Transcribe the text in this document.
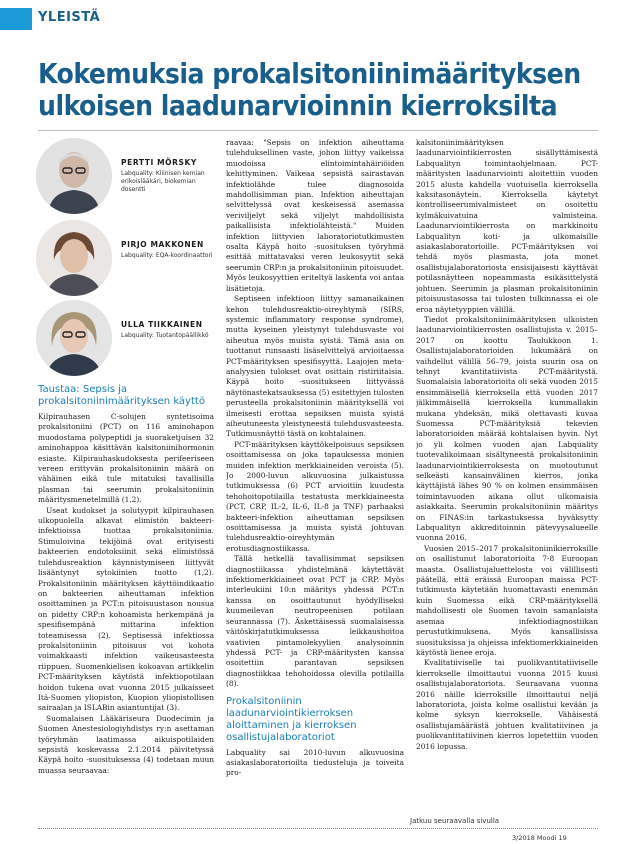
YLEISTÄ
Kokemuksia prokalsitoniinimäärityksen ulkoisen laadunarvioinnin kierroksilta
PERTTI MÖRSKY
Labquality: Kliinisen kemian erikoislääkäri, biokemian dosentti
PIRJO MAKKONEN
Labquality: EQA-koordinaattori
ULLA TIIKKAINEN
Labquality: Tuotantopäällikkö
Taustaa: Sepsis ja prokalsitoniinimäärityksen käyttö

Kilpirauhasen C-solujen syntetisoima prokalsitoniini (PCT) on 116 aminohapon muodostama polypeptidi ja suoraketjuisen 32 aminohappoa käsittävän kalsitoniinihormonin esiaste. Kilpirauhaskudoksesta perifeeriseen vereen erittyvän prokalsitoniinin määrä on vähäinen eikä tule mitatuksi tavallisilla plasman tai seerumin prokalsitoniinin määritysmenetelmillä (1,2).

Useat kudokset ja solutyypit kilpirauhasen ulkopuolella alkavat elimistön bakteeri-infektioissa tuottaa prokalsitoniinia. Stimuloivina tekijöinä ovat erityisesti bakteerien endotoksiinit sekä elimistössä tulehdusreaktion käynnistymiseen liittyvät lisääntynyt sytokiinien tuotto (1,2). Prokalsitoniinin määrityksen käyttöindikaatio on bakteerien aiheuttaman infektion osoittaminen ja PCT:n pitoisuustason nousua on pidetty CRP:n kohoamista herkempänä ja spesifisempänä mittarina infektion toteamisessa (2). Septisessä infektiossa prokalsitoniinin pitoisuus voi kohota voimakkaasti infektion vaikeusasteesta riippuen. Suomenkielisen kokoavan artikkelin PCT-määrityksen käytöstä infektiopotilaan hoidon tukena ovat vuonna 2015 julkaisseet Itä-Suomen yliopiston, Kuopion yliopistollisen sairaalan ja ISLABin asiantuntijat (3).

Suomalaisen Lääkäriseura Duodecimin ja Suomen Anestesiologiyhdistys ry:n asettaman työryhmän laatimassa aikuispotilaiden sepsistä koskevassa 2.1.2014 päivitetyssä Käypä hoito -suosituksessa (4) todetaan muun muassa seuraavaa:

raavaa: "Sepsis on infektion aiheuttama tulehduksellinen vaste, johon liittyy vaikeissa muodoissa elintoimintahäiriöiden kehittyminen. Vaikeaa sepsistä sairastavan infektiolähde tulee diagnosoida mahdollisimman pian. Infektion aiheuttajan selvittelyssä ovat keskeisessä asemassa veriviljelyt sekä viljelyt mahdollisista paikallisista infektiolähteistä." Muiden infektion liittyvien laboratoriotutkimusten osalta Käypä hoito -suosituksen työryhmä esittää mittatavaksi veren leukosyytit sekä seerumin CRP:n ja prokalsitoniinin pitoisuudet. Myös leukosyyttien eriteltyä laskenta voi antaa lisätietoja.

Septiseen infektioon liittyy samanaikainen kehon tulehdusreaktio-oireyhtymä (SIRS, systemic inflammatory response syndrome), mutta kyseinen yleistynyt tulehdusvaste voi aiheutua myös muista syistä. Tämä asia on tuottanut runsaasti lisäselvittelyä arvioitaessa PCT-määrityksen spesifisyyttä. Laajojen meta-analyysien tulokset ovat osittain ristiriitaisia. Käypä hoito -suositukseen liittyvässä näytönastekatsauksessa (5) esitettyjen tulosten perusteella prokalsitoniinin määrityksellä voi ilmeisesti erottaa sepsiksen muista syistä aiheutuneesta yleistyneestä tulehdusvasteesta. Tutkimusnäyttö tästä on kohtalainen.

PCT-määrityksen käyttökelpoisuus sepsiksen osoittamisessa on joka tapauksessa monien muiden infektion merkkiaineiden veroista (5). Jo 2000-luvun alkuvuosina julkaistussa tutkimuksessa (6) PCT arvioitiin kuudesta tehohoitopotilailla testatusta merkkiaineesta (PCT, CRP, IL-2, IL-6, IL-8 ja TNF) parhaaksi bakteeri-infektion aiheuttaman sepsiksen osoittamisessa ja muista syistä johtuvan tulehdusreaktio-oireyhtymän erotusdiagnostiikassa.

Tällä hetkellä tavallisimmat sepsiksen diagnostiikassa yhdistelmänä käytettävät infektiomerkkiaineet ovat PCT ja CRP. Myös interleukiini 10:n määritys yhdessä PCT:n kanssa on osoittautunut hyödylliseksi kuumeilevan neutropeenisen potilaan seurannassa (7). Äskettäisessä suomalaisessa väitöskirjatutkimuksessa leikkaushoitoa vaativien pintamolekyylien analysoinnin yhdessä PCT- ja CRP-määritysten kanssa osoitettiin parantavan sepsiksen diagnostiikkaa tehohoidossa olevilla potilailla (8).

Prokalsitoniinin laadunarviointikierroksen aloittaminen ja kierroksen osallistujalaboratoriot

Labquality sai 2010-luvun alkuvuosina asiakaslaboratorioilta tiedusteluja ja toiveita pro-

kalsitoniinimäärityksen laadunarviointikierrosten sisällyttämisestä Labqualityn toimintaohjelmaan. PCT-määritysten laadunarviointi aloitettiin vuoden 2015 alusta kahdella vuotuisella kierroksella kaksitasonäytein. Kierroksella käytetyt kontrolliseerumivalmisteet on osoitettu kylmäkuivatuina valmisteina. Laadunarviointikierrosta on markkinoitu Labqualityn koti- ja ulkomaisille asiakaslaboratorioille. PCT-määrityksen voi tehdä myös plasmasta, jota monet osallistujalaboratoriosta ensisijaisesti käyttävät potilasnäytteen nopeammasta esikäsittelystä johtuen. Seerumin ja plasman prokalsitoniinin pitoisuustasossa tai tulosten tulkinnassa ei ole eroa näytetyyppien välillä.

Tiedot prokalsitoniinimäärityksen ulkoisten laadunarviointikierrosten osallistujista v. 2015–2017 on koottu Taulukkoon 1. Osallistujalaboratorioiden lukumäärä on vaihdellut välillä 56–79, joista suurin osa on tehnyt kvantitatiivista PCT-määritystä. Suomalaisia laboratorioita oli sekä vuoden 2015 ensimmäisellä kierroksella että vuoden 2017 jälkimmäisellä kierroksella kummallakin mukana yhdeksän, mikä olettavasti kuvaa Suomessa PCT-määrityksiä tekevien laboratorioiden määrää kohtalaisen hyvin. Nyt jo yli kolmen vuoden ajan Labquality tuotevalikoimaan sisältyneestä prokalsitoniinin laadunarviointikierroksesta on muotoutunut selkeästi kansainvälinen kierros, jonka käyttäjistä lähes 90 % on kolmen ensimmäisen toimintavuoden aikana ollut ulkomaisia asiakkaita. Seerumin prokalsitoniinin määritys on FINAS:in tarkastuksessa hyväksytty Labqualityn akkreditoinnin pätevyysalueelle vuonna 2016.

Vuosien 2015–2017 prokalsitoniinikierroksille on osallistunut laboratorioita 7-8 Euroopan maasta. Osallistujaluettelosta voi välillisesti päätellä, että eräissä Euroopan maissa PCT-tutkimusta käytetään huomattavasti enemmän kuin Suomessa eikä CRP-määrityksellä mahdollisesti ole Suomen tavoin samanlaista asemaa infektiodiagnostiikan perustutkimuksena. Myös kansallisissa suosituksissa ja ohjeissa infektiomerkkiaineiden käytöstä lienee eroja.

Kvalitatiiviselle tai puolikvantitatiiviselle kierrokselle ilmoittautui vuonna 2015 kuusi osallistujalaboratoriota. Seuraavana vuonna 2016 näille kierroksille ilmoittautui neljä laboratoriota, joista kolme osallistui kevään ja kolme syksyn kierrokselle. Vähäisestä osallistujamäärästä johtuen kvalitatiivinen ja puolikvantitatiivinen kierros lopetettiin vuoden 2016 lopussa.

Jatkuu seuraavalla sivulla
3/2018 Moodi 19
